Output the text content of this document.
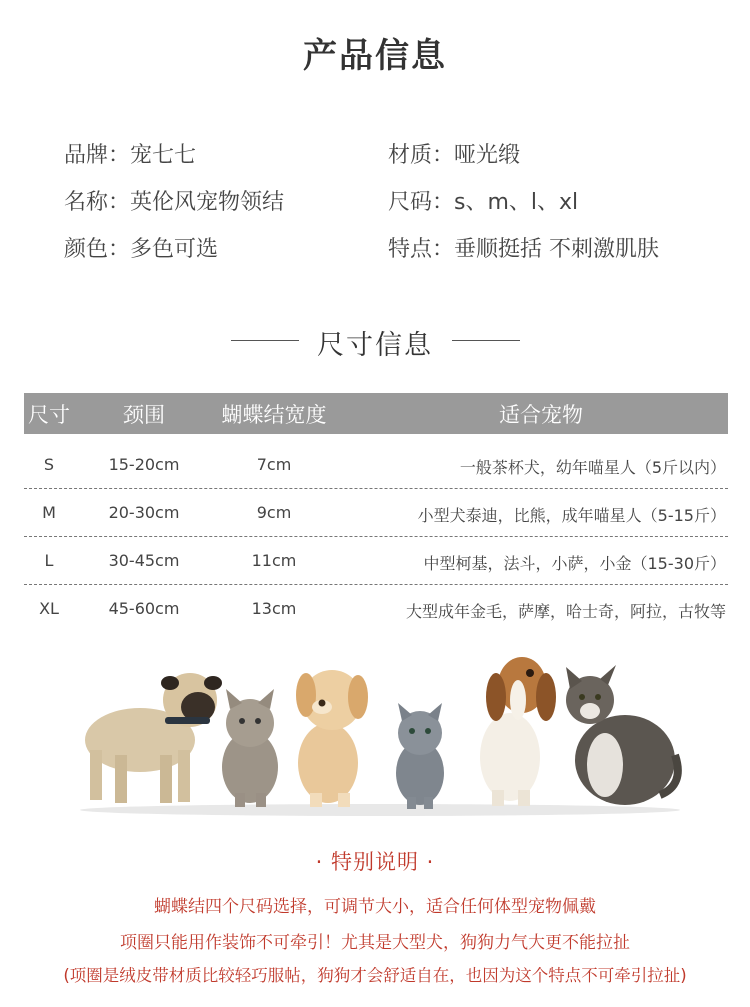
产品信息
品牌：宠七七	材质：哑光缎
名称：英伦风宠物领结	尺码：s、m、l、xl
颜色：多色可选	特点：垂顺挺括 不刺激肌肤
尺寸信息
尺寸	颈围	蝴蝶结宽度	适合宠物
S	15-20cm	7cm	一般茶杯犬，幼年喵星人（5斤以内）
M	20-30cm	9cm	小型犬泰迪，比熊，成年喵星人（5-15斤）
L	30-45cm	11cm	中型柯基，法斗，小萨，小金（15-30斤）
XL	45-60cm	13cm	大型成年金毛，萨摩，哈士奇，阿拉，古牧等
· 特别说明 ·
蝴蝶结四个尺码选择，可调节大小，适合任何体型宠物佩戴
项圈只能用作装饰不可牵引！尤其是大型犬，狗狗力气大更不能拉扯
(项圈是绒皮带材质比较轻巧服帖，狗狗才会舒适自在，也因为这个特点不可牵引拉扯)
